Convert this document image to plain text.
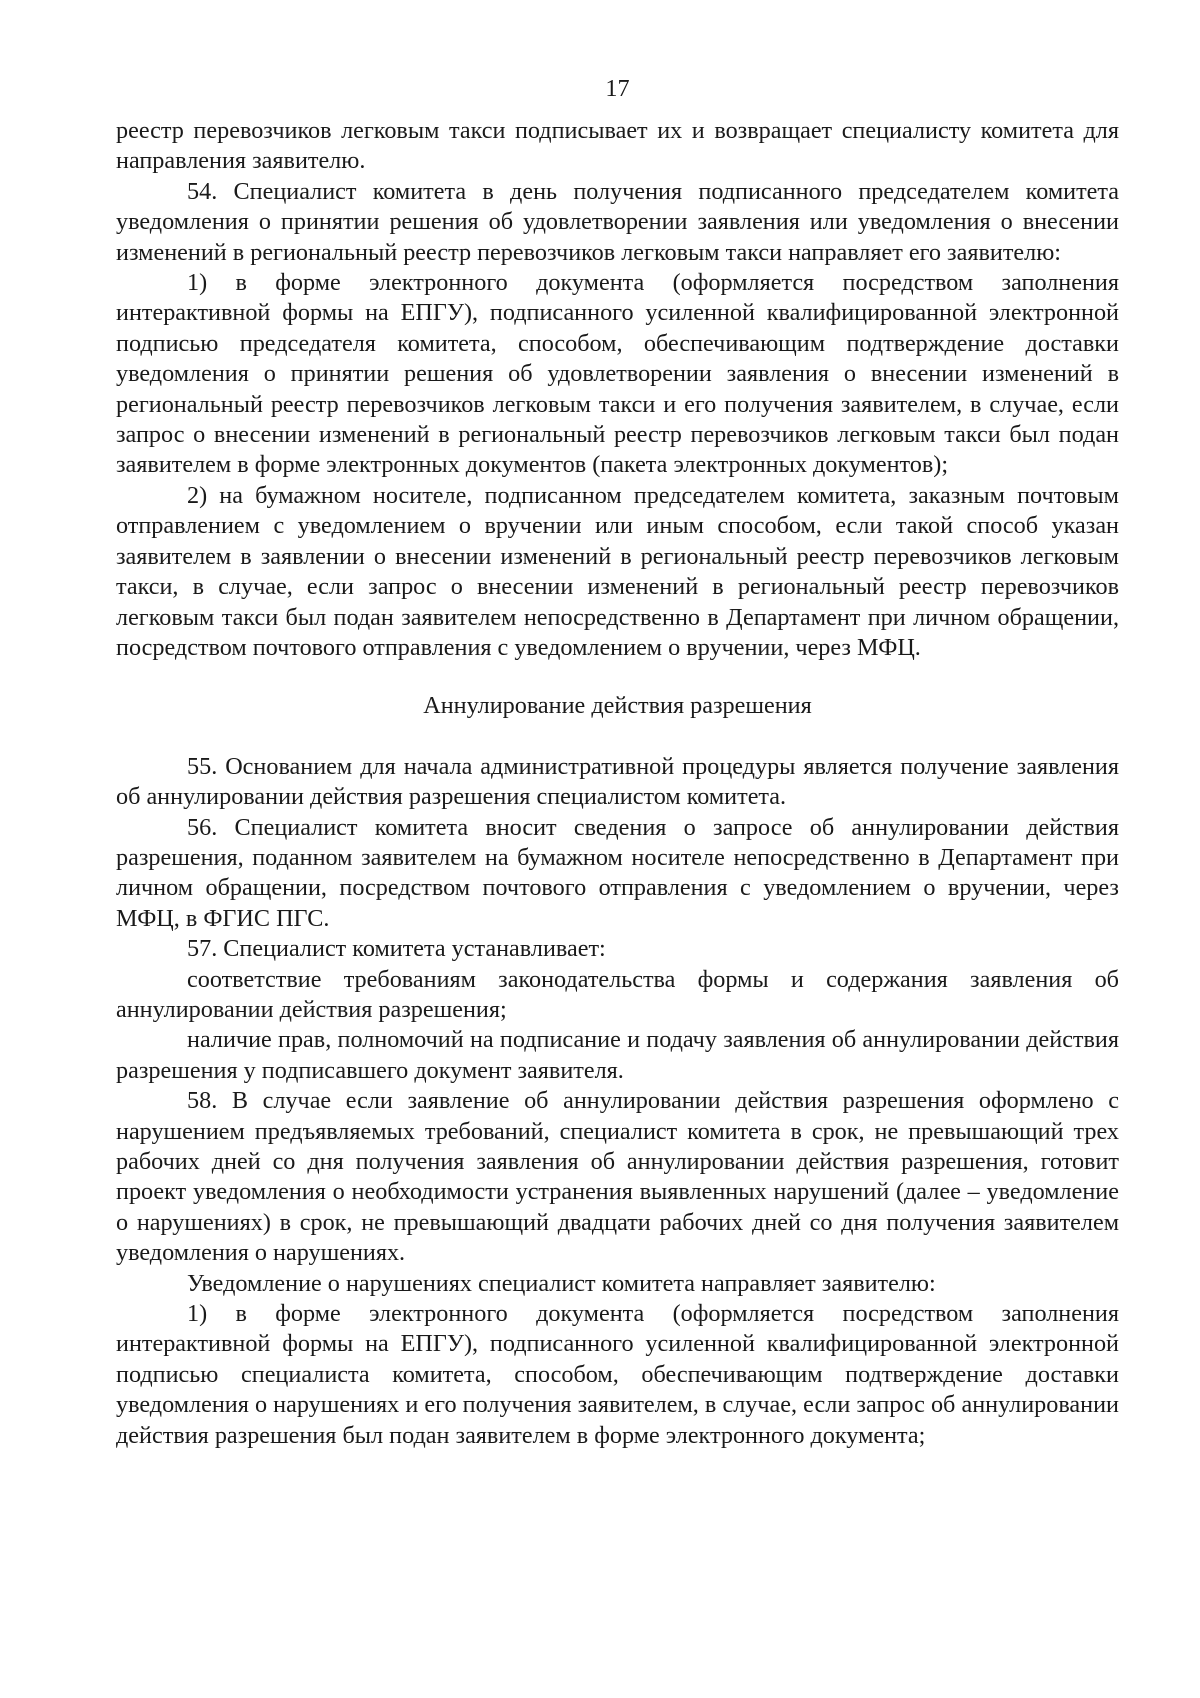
17

реестр перевозчиков легковым такси подписывает их и возвращает специалисту комитета для направления заявителю.

54. Специалист комитета в день получения подписанного председателем комитета уведомления о принятии решения об удовлетворении заявления или уведомления о внесении изменений в региональный реестр перевозчиков легковым такси направляет его заявителю:

1) в форме электронного документа (оформляется посредством заполнения интерактивной формы на ЕПГУ), подписанного усиленной квалифицированной электронной подписью председателя комитета, способом, обеспечивающим подтверждение доставки уведомления о принятии решения об удовлетворении заявления о внесении изменений в региональный реестр перевозчиков легковым такси и его получения заявителем, в случае, если запрос о внесении изменений в региональный реестр перевозчиков легковым такси был подан заявителем в форме электронных документов (пакета электронных документов);

2) на бумажном носителе, подписанном председателем комитета, заказным почтовым отправлением с уведомлением о вручении или иным способом, если такой способ указан заявителем в заявлении о внесении изменений в региональный реестр перевозчиков легковым такси, в случае, если запрос о внесении изменений в региональный реестр перевозчиков легковым такси был подан заявителем непосредственно в Департамент при личном обращении, посредством почтового отправления с уведомлением о вручении, через МФЦ.

Аннулирование действия разрешения

55. Основанием для начала административной процедуры является получение заявления об аннулировании действия разрешения специалистом комитета.

56. Специалист комитета вносит сведения о запросе об аннулировании действия разрешения, поданном заявителем на бумажном носителе непосредственно в Департамент при личном обращении, посредством почтового отправления с уведомлением о вручении, через МФЦ, в ФГИС ПГС.

57. Специалист комитета устанавливает:

соответствие требованиям законодательства формы и содержания заявления об аннулировании действия разрешения;

наличие прав, полномочий на подписание и подачу заявления об аннулировании действия разрешения у подписавшего документ заявителя.

58. В случае если заявление об аннулировании действия разрешения оформлено с нарушением предъявляемых требований, специалист комитета в срок, не превышающий трех рабочих дней со дня получения заявления об аннулировании действия разрешения, готовит проект уведомления о необходимости устранения выявленных нарушений (далее – уведомление о нарушениях) в срок, не превышающий двадцати рабочих дней со дня получения заявителем уведомления о нарушениях.

Уведомление о нарушениях специалист комитета направляет заявителю:

1) в форме электронного документа (оформляется посредством заполнения интерактивной формы на ЕПГУ), подписанного усиленной квалифицированной электронной подписью специалиста комитета, способом, обеспечивающим подтверждение доставки уведомления о нарушениях и его получения заявителем, в случае, если запрос об аннулировании действия разрешения был подан заявителем в форме электронного документа;
